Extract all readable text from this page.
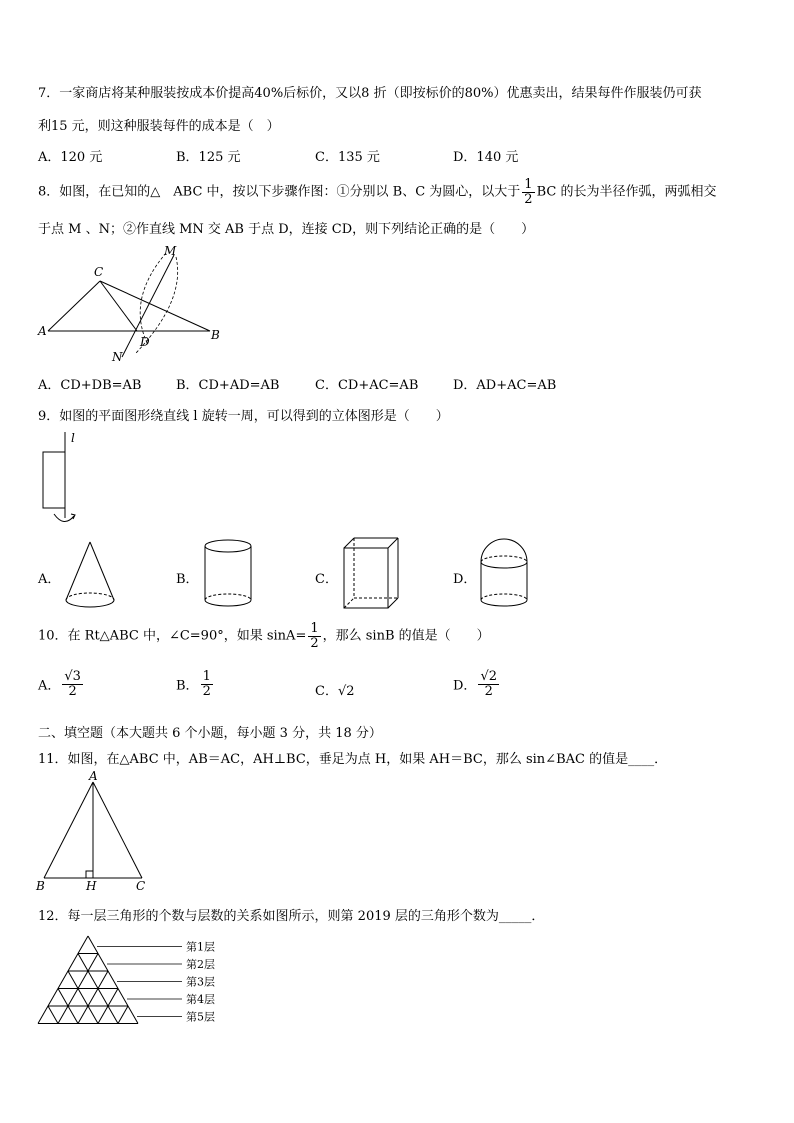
7．一家商店将某种服装按成本价提高40%后标价，又以8 折（即按标价的80%）优惠卖出，结果每件作服装仍可获
利15 元，则这种服装每件的成本是（　）
A．120 元	B．125 元	C．135 元	D．140 元
8．如图，在已知的△　ABC 中，按以下步骤作图：①分别以 B、C 为圆心，以大于 $\frac{1}{2}$ BC 的长为半径作弧，两弧相交
于点 M 、N；②作直线 MN 交 AB 于点 D，连接 CD，则下列结论正确的是（　　）
C
M
A
D	B
N
A．CD+DB=AB	B．CD+AD=AB	C．CD+AC=AB	D．AD+AC=AB
9．如图的平面图形绕直线 l 旋转一周，可以得到的立体图形是（　　）
l
A．	B．	C．	D．
10．在 Rt△ABC 中，∠C=90°，如果 $\sin A= \frac{1}{2}$ ，那么 sinB 的值是（　　）
A． $\frac{√3}{2}$	B． $\frac{1}{2}$	C．√2	D． $\frac{√2}{2}$
二、填空题（本大题共 6 个小题，每小题 3 分，共 18 分）
11．如图，在△ABC 中，AB＝AC，AH⊥BC，垂足为点 H，如果 AH＝BC，那么 sin∠BAC 的值是____．
A
B	H	C
12．每一层三角形的个数与层数的关系如图所示，则第 2019 层的三角形个数为_____．
第1层
第2层
第3层
第4层
第5层
